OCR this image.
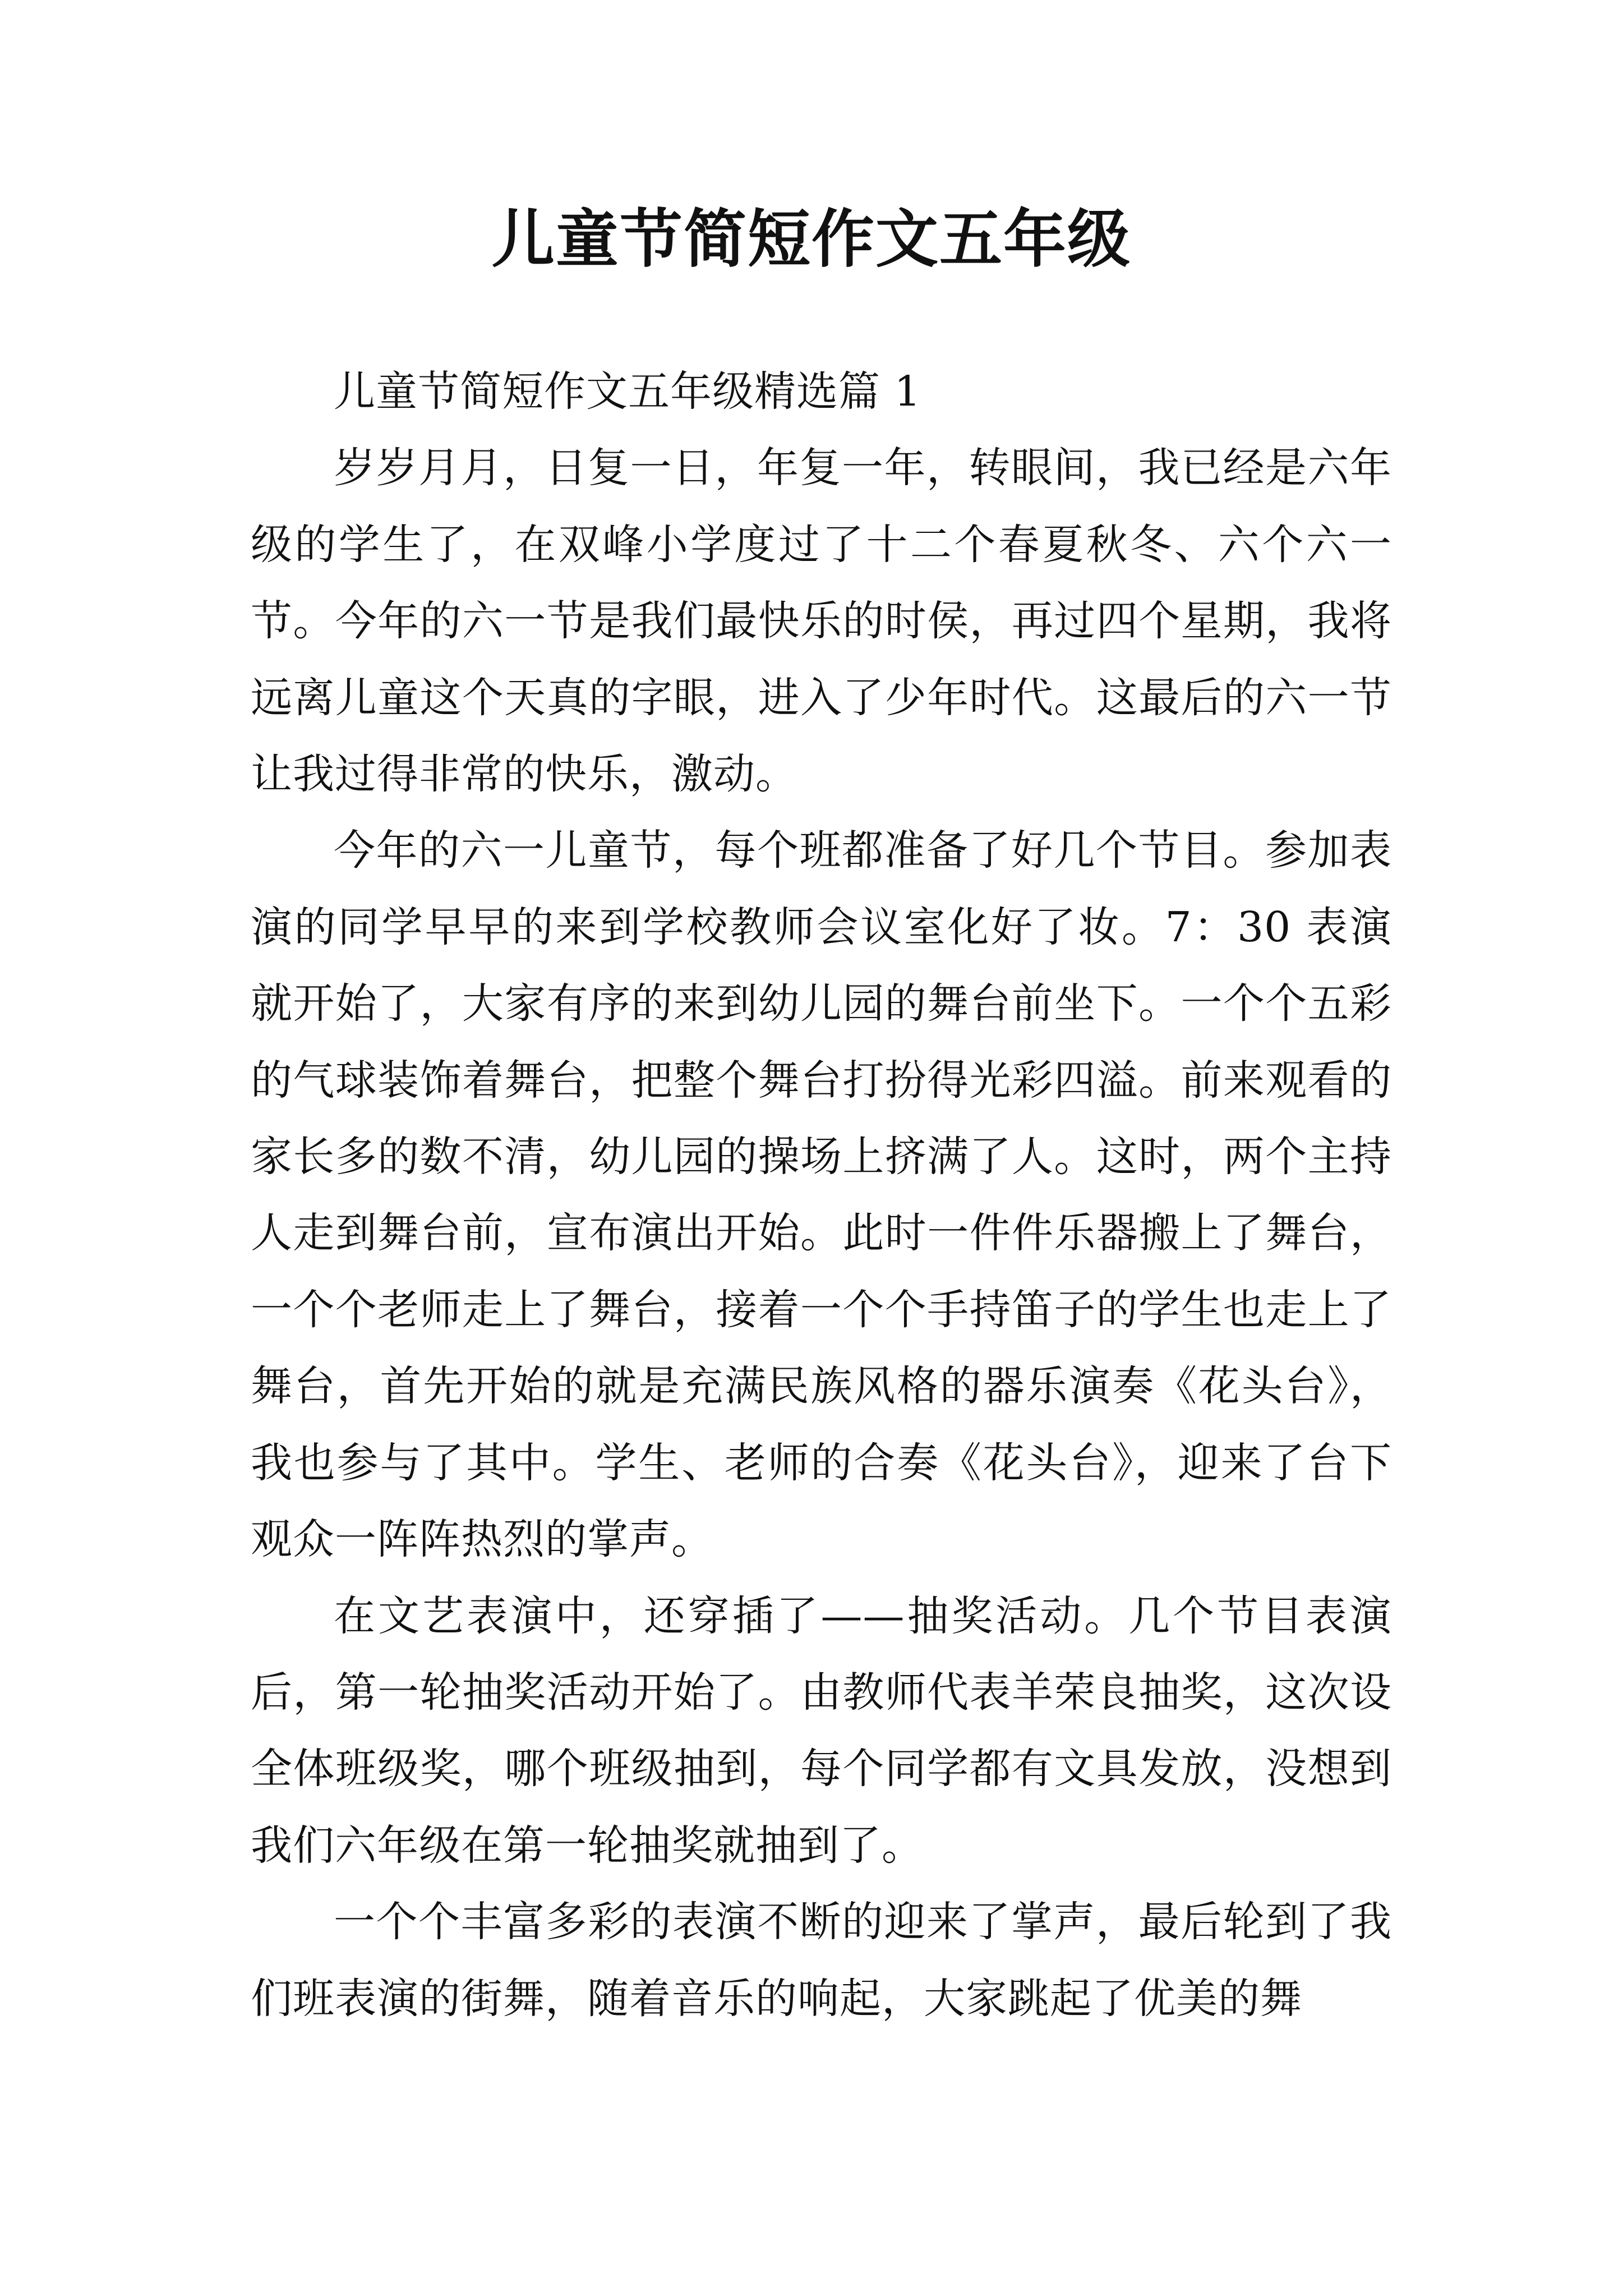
儿童节简短作文五年级

儿童节简短作文五年级精选篇 1

岁岁月月，日复一日，年复一年，转眼间，我已经是六年级的学生了，在双峰小学度过了十二个春夏秋冬、六个六一节。今年的六一节是我们最快乐的时侯，再过四个星期，我将远离儿童这个天真的字眼，进入了少年时代。这最后的六一节让我过得非常的快乐，激动。

今年的六一儿童节，每个班都准备了好几个节目。参加表演的同学早早的来到学校教师会议室化好了妆。7：30 表演就开始了，大家有序的来到幼儿园的舞台前坐下。一个个五彩的气球装饰着舞台，把整个舞台打扮得光彩四溢。前来观看的家长多的数不清，幼儿园的操场上挤满了人。这时，两个主持人走到舞台前，宣布演出开始。此时一件件乐器搬上了舞台，一个个老师走上了舞台，接着一个个手持笛子的学生也走上了舞台，首先开始的就是充满民族风格的器乐演奏《花头台》，我也参与了其中。学生、老师的合奏《花头台》，迎来了台下观众一阵阵热烈的掌声。

在文艺表演中，还穿插了——抽奖活动。几个节目表演后，第一轮抽奖活动开始了。由教师代表羊荣良抽奖，这次设全体班级奖，哪个班级抽到，每个同学都有文具发放，没想到我们六年级在第一轮抽奖就抽到了。

一个个丰富多彩的表演不断的迎来了掌声，最后轮到了我们班表演的街舞，随着音乐的响起，大家跳起了优美的舞
